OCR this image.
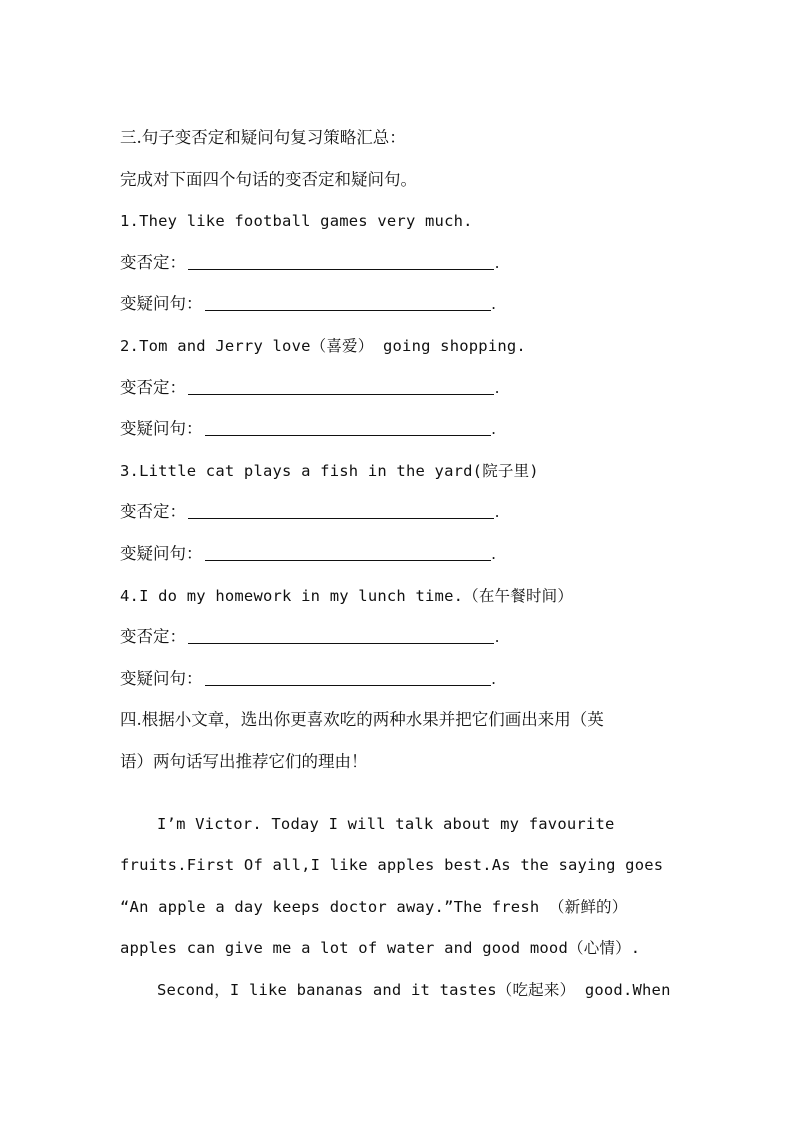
三.句子变否定和疑问句复习策略汇总：
完成对下面四个句话的变否定和疑问句。
1.They like football games very much.
变否定：	.
变疑问句：	.
2.Tom and Jerry love（喜爱） going shopping.
变否定：	.
变疑问句：	.
3.Little cat plays a fish in the yard(院子里)
变否定：	.
变疑问句：	.
4.I do my homework in my lunch time.（在午餐时间）
变否定：	.
变疑问句：	.
四.根据小文章，选出你更喜欢吃的两种水果并把它们画出来用（英
语）两句话写出推荐它们的理由！
I’m Victor. Today I will talk about my favourite
fruits.First Of all,I like apples best.As the saying goes
“An apple a day keeps doctor away.”The fresh （新鲜的）
apples can give me a lot of water and good mood（心情）.
Second，I like bananas and it tastes（吃起来） good.When
